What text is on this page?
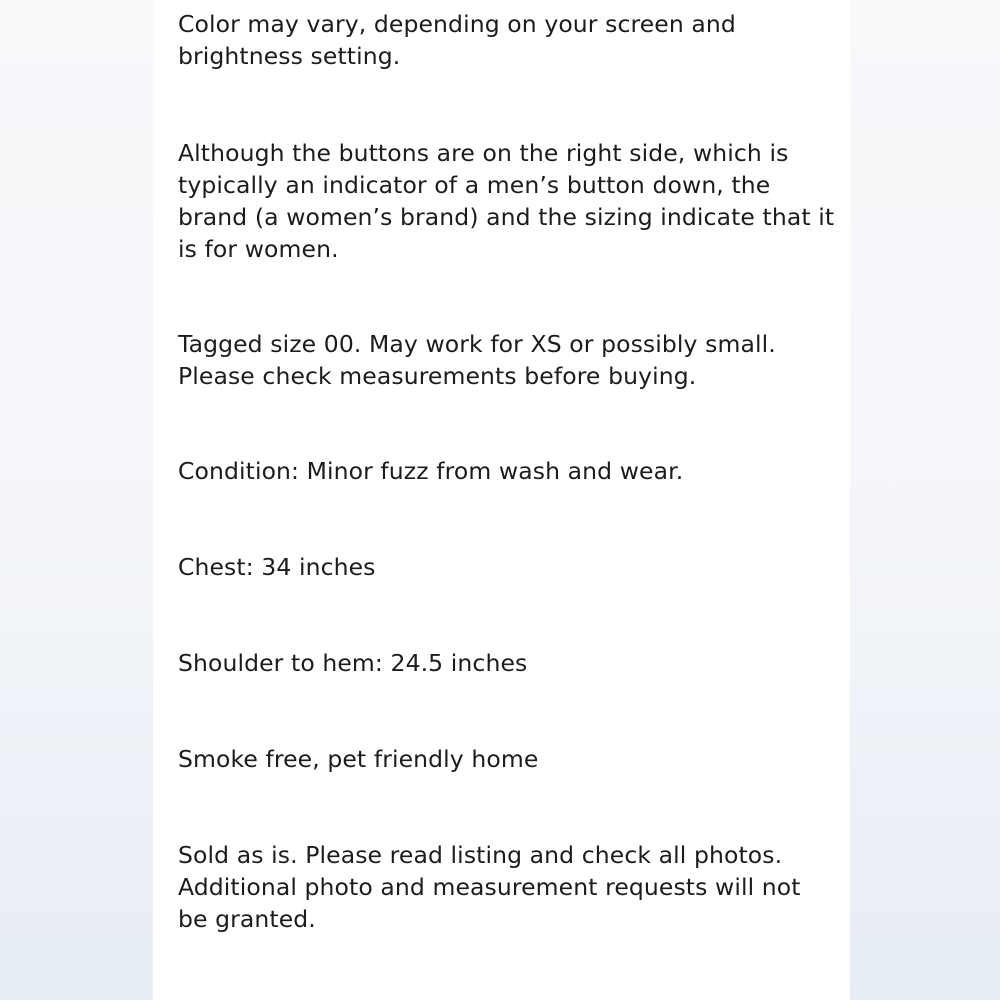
Color may vary, depending on your screen and
brightness setting.

Although the buttons are on the right side, which is
typically an indicator of a men’s button down, the
brand (a women’s brand) and the sizing indicate that it
is for women.

Tagged size 00. May work for XS or possibly small.
Please check measurements before buying.

Condition: Minor fuzz from wash and wear.

Chest: 34 inches

Shoulder to hem: 24.5 inches

Smoke free, pet friendly home

Sold as is. Please read listing and check all photos.
Additional photo and measurement requests will not
be granted.
